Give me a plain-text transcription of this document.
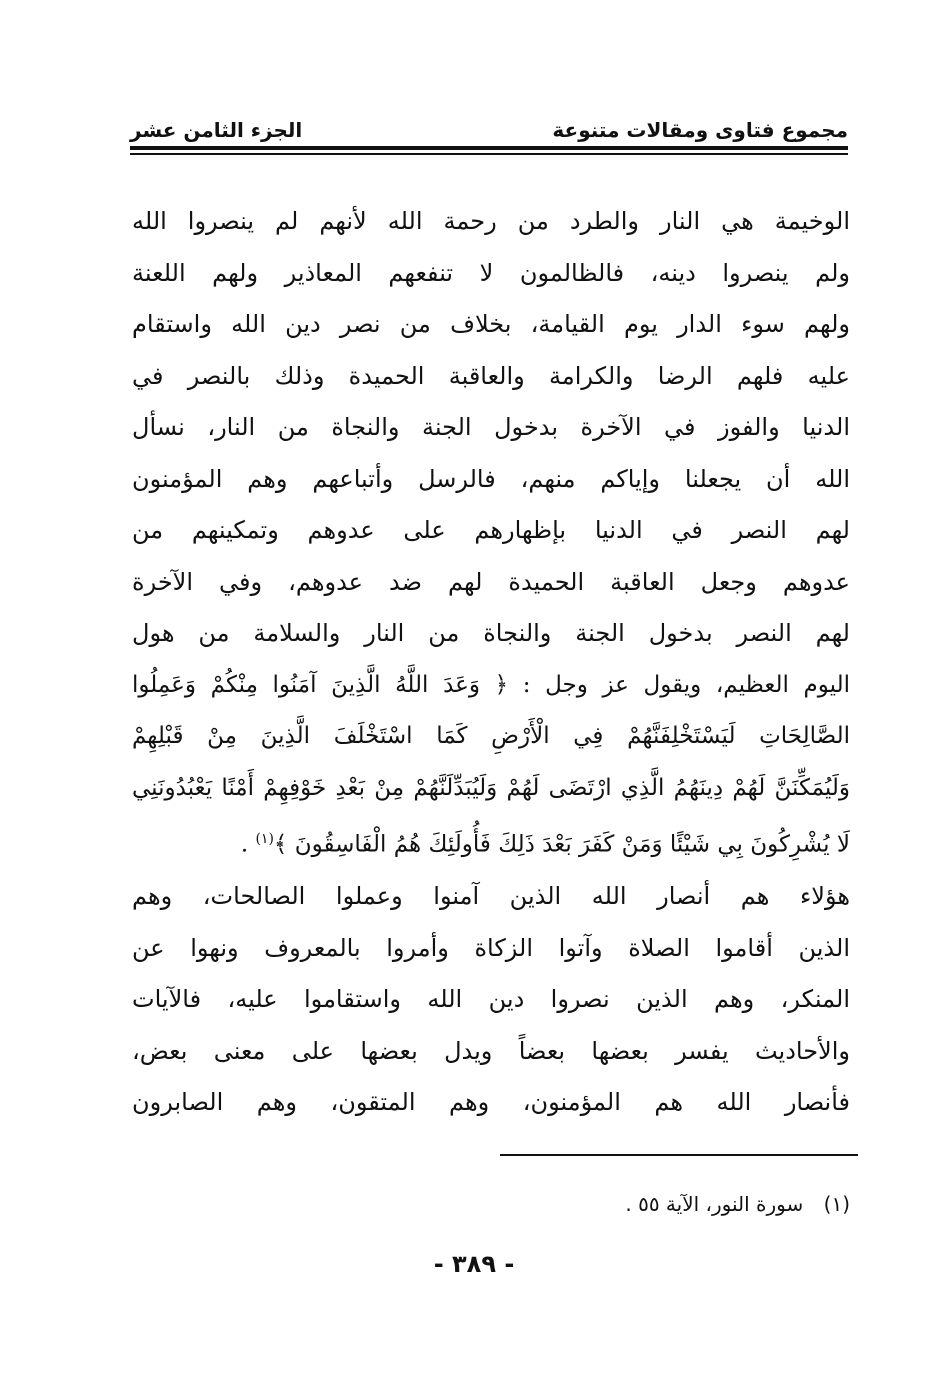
مجموع فتاوى ومقالات متنوعة
الجزء الثامن عشر
الوخيمة هي النار والطرد من رحمة الله لأنهم لم ينصروا الله
ولم ينصروا دينه، فالظالمون لا تنفعهم المعاذير ولهم اللعنة
ولهم سوء الدار يوم القيامة، بخلاف من نصر دين الله واستقام
عليه فلهم الرضا والكرامة والعاقبة الحميدة وذلك بالنصر في
الدنيا والفوز في الآخرة بدخول الجنة والنجاة من النار، نسأل
الله أن يجعلنا وإياكم منهم، فالرسل وأتباعهم وهم المؤمنون
لهم النصر في الدنيا بإظهارهم على عدوهم وتمكينهم من
عدوهم وجعل العاقبة الحميدة لهم ضد عدوهم، وفي الآخرة
لهم النصر بدخول الجنة والنجاة من النار والسلامة من هول
اليوم العظيم، ويقول عز وجل : ﴿ وَعَدَ اللَّهُ الَّذِينَ آمَنُوا مِنْكُمْ وَعَمِلُوا
الصَّالِحَاتِ لَيَسْتَخْلِفَنَّهُمْ فِي الْأَرْضِ كَمَا اسْتَخْلَفَ الَّذِينَ مِنْ قَبْلِهِمْ
وَلَيُمَكِّنَنَّ لَهُمْ دِينَهُمُ الَّذِي ارْتَضَى لَهُمْ وَلَيُبَدِّلَنَّهُمْ مِنْ بَعْدِ خَوْفِهِمْ أَمْنًا يَعْبُدُونَنِي
لَا يُشْرِكُونَ بِي شَيْئًا وَمَنْ كَفَرَ بَعْدَ ذَلِكَ فَأُولَئِكَ هُمُ الْفَاسِقُونَ ﴾$^{(١)}$ .
هؤلاء هم أنصار الله الذين آمنوا وعملوا الصالحات، وهم
الذين أقاموا الصلاة وآتوا الزكاة وأمروا بالمعروف ونهوا عن
المنكر، وهم الذين نصروا دين الله واستقاموا عليه، فالآيات
والأحاديث يفسر بعضها بعضاً ويدل بعضها على معنى بعض،
فأنصار الله هم المؤمنون، وهم المتقون، وهم الصابرون
(١) سورة النور، الآية ٥٥ .
- ٣٨٩ -
